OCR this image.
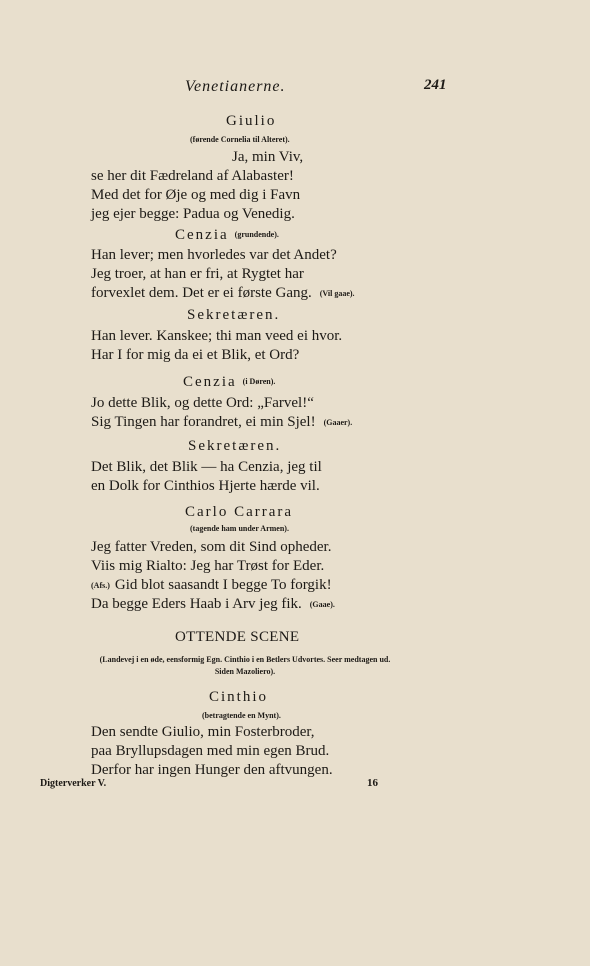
Venetianerne.	241
Giulio
(førende Cornelia til Alteret).
Ja, min Viv,
se her dit Fædreland af Alabaster!
Med det for Øje og med dig i Favn
jeg ejer begge: Padua og Venedig.
Cenzia (grundende).
Han lever; men hvorledes var det Andet?
Jeg troer, at han er fri, at Rygtet har
forvexlet dem. Det er ei første Gang. (Vil gaae).
Sekretæren.
Han lever. Kanskee; thi man veed ei hvor.
Har I for mig da ei et Blik, et Ord?
Cenzia (i Døren).
Jo dette Blik, og dette Ord: „Farvel!“
Sig Tingen har forandret, ei min Sjel! (Gaaer).
Sekretæren.
Det Blik, det Blik — ha Cenzia, jeg til
en Dolk for Cinthios Hjerte hærde vil.
Carlo Carrara
(tagende ham under Armen).
Jeg fatter Vreden, som dit Sind opheder.
Viis mig Rialto: Jeg har Trøst for Eder.
(Afs.) Gid blot saasandt I begge To forgik!
Da begge Eders Haab i Arv jeg fik. (Gaae).
OTTENDE SCENE
(Landevej i en øde, eensformig Egn. Cinthio i en Betlers Udvortes. Seer medtagen ud.
Siden Mazoliero).
Cinthio
(betragtende en Mynt).
Den sendte Giulio, min Fosterbroder,
paa Bryllupsdagen med min egen Brud.
Derfor har ingen Hunger den aftvungen.
Digterverker V.	16
